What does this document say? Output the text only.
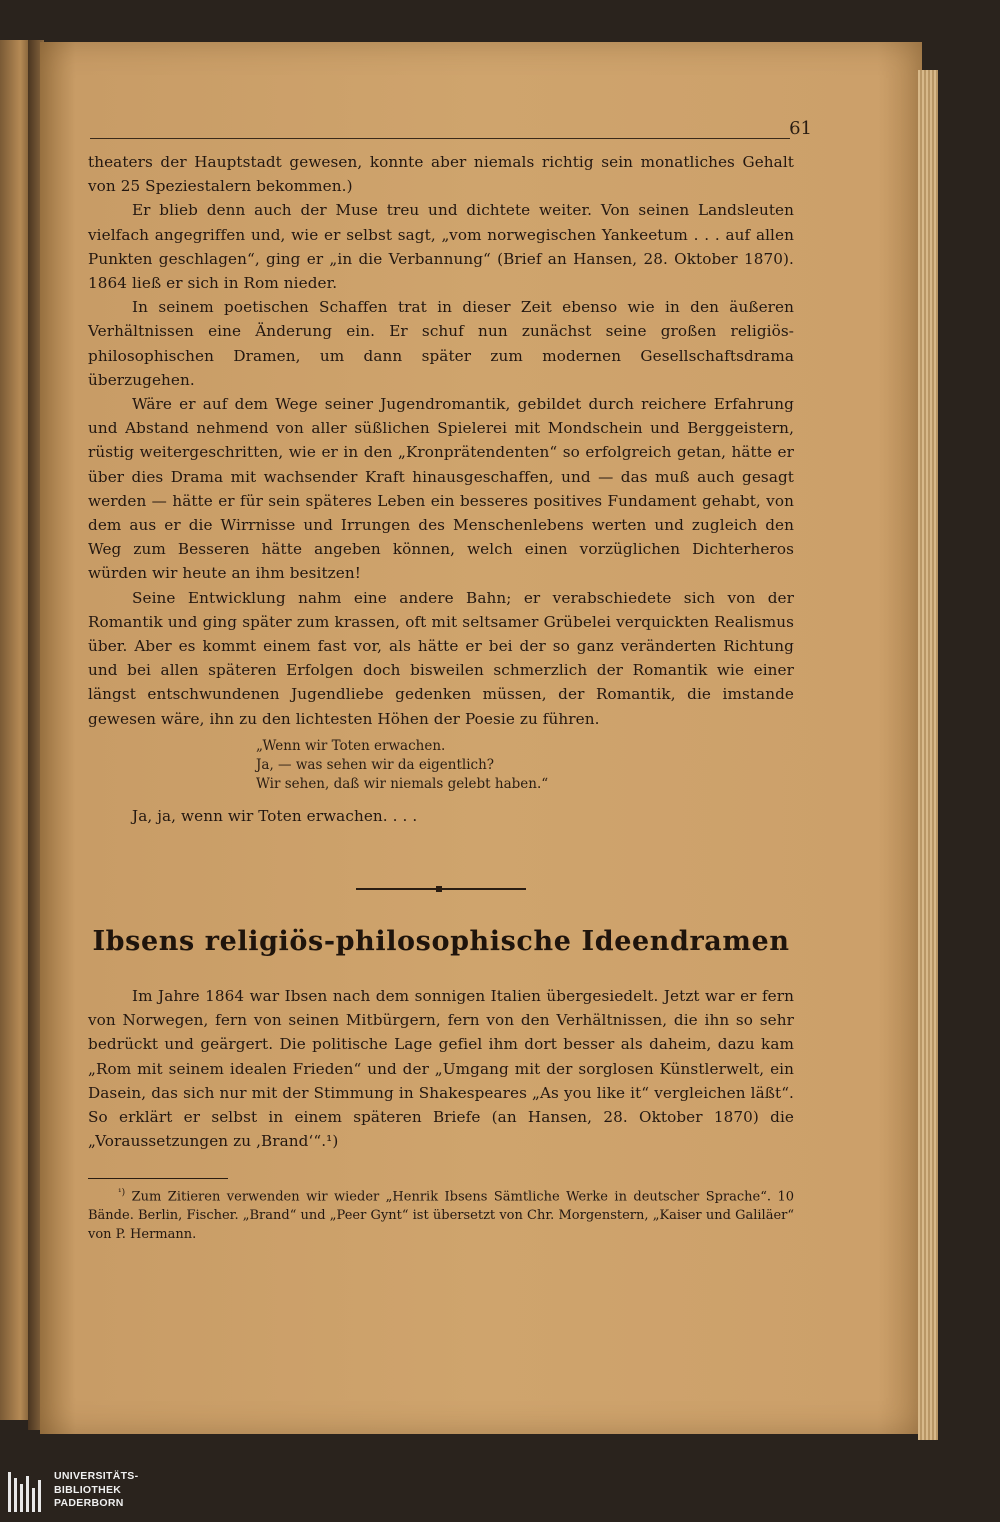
61

theaters der Hauptstadt gewesen, konnte aber niemals richtig sein monatliches Gehalt von 25 Speziestalern bekommen.)

Er blieb denn auch der Muse treu und dichtete weiter. Von seinen Landsleuten vielfach angegriffen und, wie er selbst sagt, „vom norwegischen Yankeetum . . . auf allen Punkten geschlagen“, ging er „in die Verbannung“ (Brief an Hansen, 28. Oktober 1870). 1864 ließ er sich in Rom nieder.

In seinem poetischen Schaffen trat in dieser Zeit ebenso wie in den äußeren Verhältnissen eine Änderung ein. Er schuf nun zunächst seine großen religiös-philosophischen Dramen, um dann später zum modernen Gesellschaftsdrama überzugehen.

Wäre er auf dem Wege seiner Jugendromantik, gebildet durch reichere Erfahrung und Abstand nehmend von aller süßlichen Spielerei mit Mondschein und Berggeistern, rüstig weitergeschritten, wie er in den „Kronprätendenten“ so erfolgreich getan, hätte er über dies Drama mit wachsender Kraft hinausgeschaffen, und — das muß auch gesagt werden — hätte er für sein späteres Leben ein besseres positives Fundament gehabt, von dem aus er die Wirrnisse und Irrungen des Menschenlebens werten und zugleich den Weg zum Besseren hätte angeben können, welch einen vorzüglichen Dichterheros würden wir heute an ihm besitzen!

Seine Entwicklung nahm eine andere Bahn; er verabschiedete sich von der Romantik und ging später zum krassen, oft mit seltsamer Grübelei verquickten Realismus über. Aber es kommt einem fast vor, als hätte er bei der so ganz veränderten Richtung und bei allen späteren Erfolgen doch bisweilen schmerzlich der Romantik wie einer längst entschwundenen Jugendliebe gedenken müssen, der Romantik, die imstande gewesen wäre, ihn zu den lichtesten Höhen der Poesie zu führen.

„Wenn wir Toten erwachen.
Ja, — was sehen wir da eigentlich?
Wir sehen, daß wir niemals gelebt haben.“

Ja, ja, wenn wir Toten erwachen. . . .

Ibsens religiös-philosophische Ideendramen

Im Jahre 1864 war Ibsen nach dem sonnigen Italien übergesiedelt. Jetzt war er fern von Norwegen, fern von seinen Mitbürgern, fern von den Verhältnissen, die ihn so sehr bedrückt und geärgert. Die politische Lage gefiel ihm dort besser als daheim, dazu kam „Rom mit seinem idealen Frieden“ und der „Umgang mit der sorglosen Künstlerwelt, ein Dasein, das sich nur mit der Stimmung in Shakespeares „As you like it“ vergleichen läßt“. So erklärt er selbst in einem späteren Briefe (an Hansen, 28. Oktober 1870) die „Voraussetzungen zu ‚Brand‘“.¹)

$^{^1)}$ Zum Zitieren verwenden wir wieder „Henrik Ibsens Sämtliche Werke in deutscher Sprache“. 10 Bände. Berlin, Fischer. „Brand“ und „Peer Gynt“ ist übersetzt von Chr. Morgenstern, „Kaiser und Galiläer“ von P. Hermann.
UNIVERSITÄTS-
BIBLIOTHEK
PADERBORN
